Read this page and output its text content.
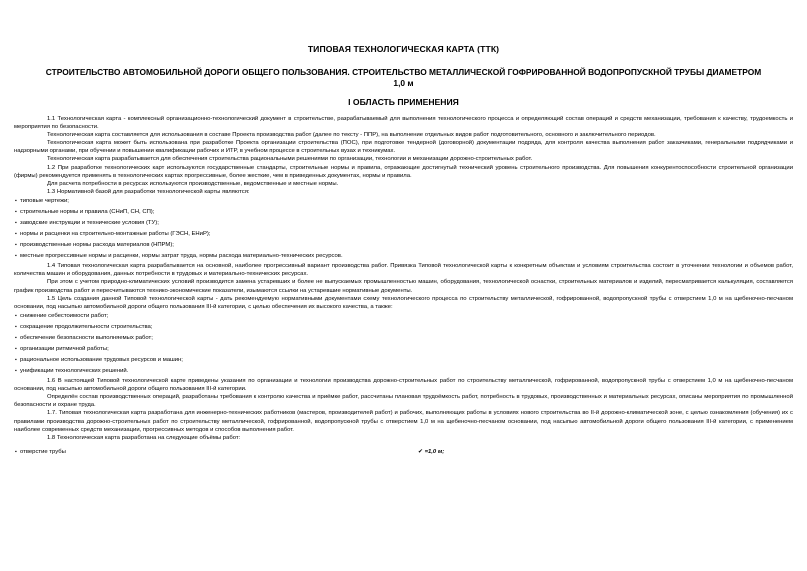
ТИПОВАЯ ТЕХНОЛОГИЧЕСКАЯ КАРТА (ТТК)
СТРОИТЕЛЬСТВО АВТОМОБИЛЬНОЙ ДОРОГИ ОБЩЕГО ПОЛЬЗОВАНИЯ. СТРОИТЕЛЬСТВО МЕТАЛЛИЧЕСКОЙ ГОФРИРОВАННОЙ ВОДОПРОПУСКНОЙ ТРУБЫ ДИАМЕТРОМ 1,0 м
I ОБЛАСТЬ ПРИМЕНЕНИЯ

1.1 Технологическая карта - комплексный организационно-технологический документ в строительстве, разрабатываемый для выполнения технологического процесса и определяющий состав операций и средств механизации, требования к качеству, трудоемкость и мероприятия по безопасности.

Технологическая карта составляется для использования в составе Проекта производства работ (далее по тексту - ППР), на выполнение отдельных видов работ подготовительного, основного и заключительного периодов.

Технологическая карта может быть использована при разработке Проекта организации строительства (ПОС), при подготовке тендерной (договорной) документации подряда, для контроля качества выполнения работ заказчиками, генеральными подрядчиками и надзорными органами, при обучении и повышении квалификации рабочих и ИТР, в учебном процессе в строительных вузах и техникумах.

Технологическая карта разрабатывается для обеспечения строительства рациональными решениями по организации, технологии и механизации дорожно-строительных работ.

1.2 При разработке технологических карт используются государственные стандарты, строительные нормы и правила, отражающие достигнутый технический уровень строительного производства. Для повышения конкурентоспособности строительной организации (фирмы) рекомендуется применять в технологических картах прогрессивные, более жесткие, чем в приведенных документах, нормы и правила.

Для расчета потребности в ресурсах используются производственные, ведомственные и местные нормы.

1.3 Нормативной базой для разработки технологической карты являются:

▪ типовые чертежи;
▪ строительные нормы и правила (СНиП, СН, СП);
▪ заводские инструкции и технические условия (ТУ);
▪ нормы и расценки на строительно-монтажные работы (ГЭСН, ЕНиР);
▪ производственные нормы расхода материалов (НПРМ);
▪ местные прогрессивные нормы и расценки, нормы затрат труда, нормы расхода материально-технических ресурсов.

1.4 Типовая технологическая карта разрабатывается на основной, наиболее прогрессивный вариант производства работ. Привязка Типовой технологической карты к конкретным объектам и условиям строительства состоит в уточнении технологии и объемов работ, количества машин и оборудования, данных потребности в трудовых и материально-технических ресурсах.

При этом с учетом природно-климатических условий производится замена устаревших и более не выпускаемых промышленностью машин, оборудования, технологической оснастки, строительных материалов и изделий, пересматривается калькуляция, составляется график производства работ и пересчитываются технико-экономические показатели, изымаются ссылки на устаревшие нормативные документы.

1.5 Цель создания данной Типовой технологической карты - дать рекомендуемую нормативными документами схему технологического процесса по строительству металлической, гофрированной, водопропускной трубы с отверстием 1,0 м на щебеночно-песчаном основании, под насыпью автомобильной дороги общего пользования III-й категории, с целью обеспечения их высокого качества, а также:

▪ снижение себестоимости работ;
▪ сокращение продолжительности строительства;
▪ обеспечение безопасности выполняемых работ;
▪ организации ритмичной работы;
▪ рациональное использование трудовых ресурсов и машин;
▪ унификации технологических решений.

1.6 В настоящей Типовой технологической карте приведены указания по организации и технологии производства дорожно-строительных работ по строительству металлической, гофрированной, водопропускной трубы с отверстием 1,0 м на щебеночно-песчаном основании, под насыпью автомобильной дороги общего пользования III-й категории.

Определён состав производственных операций, разработаны требования к контролю качества и приёмке работ, рассчитаны плановая трудоёмкость работ, потребность в трудовых, производственных и материальных ресурсах, описаны мероприятия по промышленной безопасности и охране труда.

1.7. Типовая технологическая карта разработана для инженерно-технических работников (мастеров, производителей работ) и рабочих, выполняющих работы в условиях нового строительства во II-й дорожно-климатической зоне, с целью ознакомления (обучения) их с правилами производства дорожно-строительных работ по строительству металлической, гофрированной, водопропускной трубы с отверстием 1,0 м на щебеночно-песчаном основании, под насыпью автомобильной дороги общего пользования III-й категории, с применением наиболее современных средств механизации, прогрессивных методов и способов выполнения работ.

1.8 Технологическая карта разработана на следующие объёмы работ:

▪ отверстие трубы	✔ =1,0 м;
